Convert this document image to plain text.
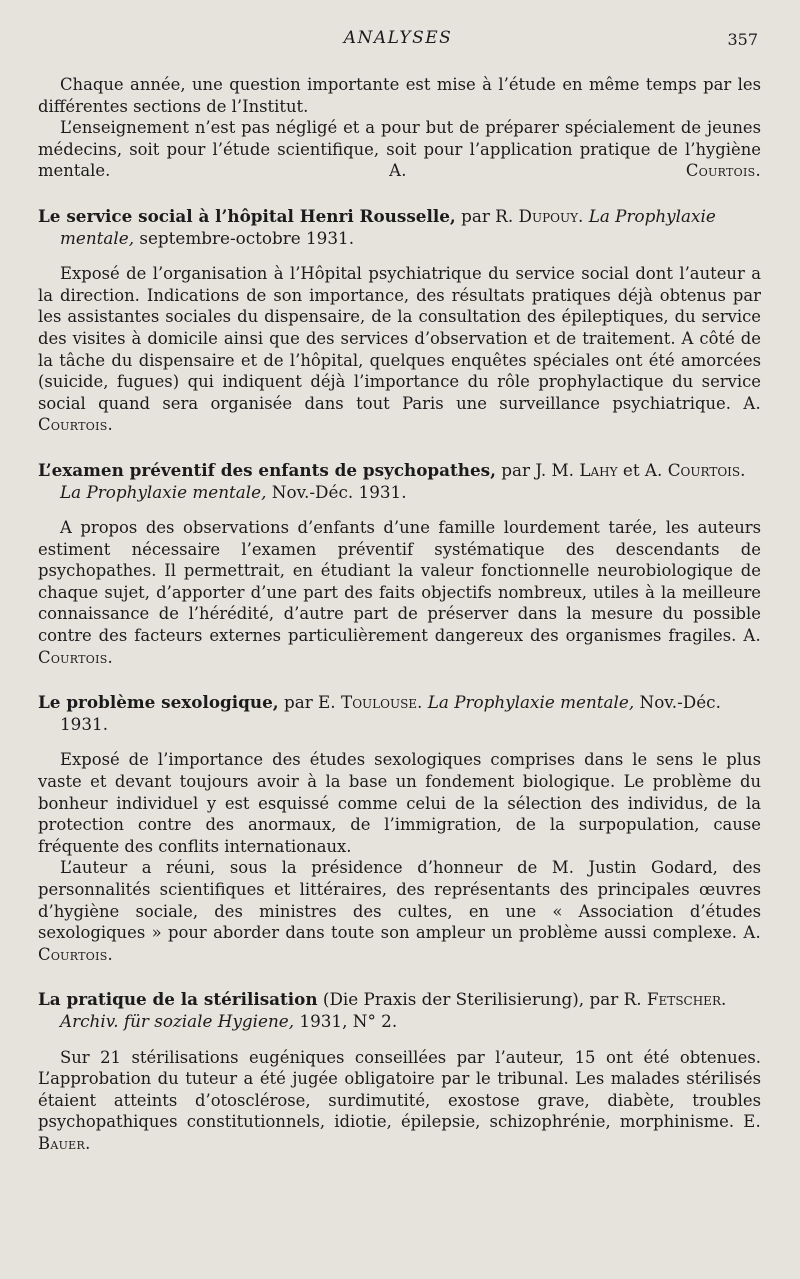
ANALYSES	357

Chaque année, une question importante est mise à l’étude en même temps par les différentes sections de l’Institut.

L’enseignement n’est pas négligé et a pour but de préparer spécialement de jeunes médecins, soit pour l’étude scientifique, soit pour l’application pratique de l’hygiène mentale.	A. Courtois.

Le service social à l’hôpital Henri Rousselle, par R. Dupouy. La Prophylaxie mentale, septembre-octobre 1931.

Exposé de l’organisation à l’Hôpital psychiatrique du service social dont l’auteur a la direction. Indications de son importance, des résultats pratiques déjà obtenus par les assistantes sociales du dispensaire, de la consultation des épileptiques, du service des visites à domicile ainsi que des services d’observation et de traitement. A côté de la tâche du dispensaire et de l’hôpital, quelques enquêtes spéciales ont été amorcées (suicide, fugues) qui indiquent déjà l’importance du rôle prophylactique du service social quand sera organisée dans tout Paris une surveillance psychiatrique. A. Courtois.

L’examen préventif des enfants de psychopathes, par J. M. Lahy et A. Courtois. La Prophylaxie mentale, Nov.-Déc. 1931.

A propos des observations d’enfants d’une famille lourdement tarée, les auteurs estiment nécessaire l’examen préventif systématique des descendants de psychopathes. Il permettrait, en étudiant la valeur fonctionnelle neurobiologique de chaque sujet, d’apporter d’une part des faits objectifs nombreux, utiles à la meilleure connaissance de l’hérédité, d’autre part de préserver dans la mesure du possible contre des facteurs externes particulièrement dangereux des organismes fragiles. A. Courtois.

Le problème sexologique, par E. Toulouse. La Prophylaxie mentale, Nov.-Déc. 1931.

Exposé de l’importance des études sexologiques comprises dans le sens le plus vaste et devant toujours avoir à la base un fondement biologique. Le problème du bonheur individuel y est esquissé comme celui de la sélection des individus, de la protection contre des anormaux, de l’immigration, de la surpopulation, cause fréquente des conflits internationaux.

L’auteur a réuni, sous la présidence d’honneur de M. Justin Godard, des personnalités scientifiques et littéraires, des représentants des principales œuvres d’hygiène sociale, des ministres des cultes, en une « Association d’études sexologiques » pour aborder dans toute son ampleur un problème aussi complexe. A. Courtois.

La pratique de la stérilisation (Die Praxis der Sterilisierung), par R. Fetscher. Archiv. für soziale Hygiene, 1931, N° 2.

Sur 21 stérilisations eugéniques conseillées par l’auteur, 15 ont été obtenues. L’approbation du tuteur a été jugée obligatoire par le tribunal. Les malades stérilisés étaient atteints d’otosclérose, surdimutité, exostose grave, diabète, troubles psychopathiques constitutionnels, idiotie, épilepsie, schizophrénie, morphinisme. E. Bauer.
